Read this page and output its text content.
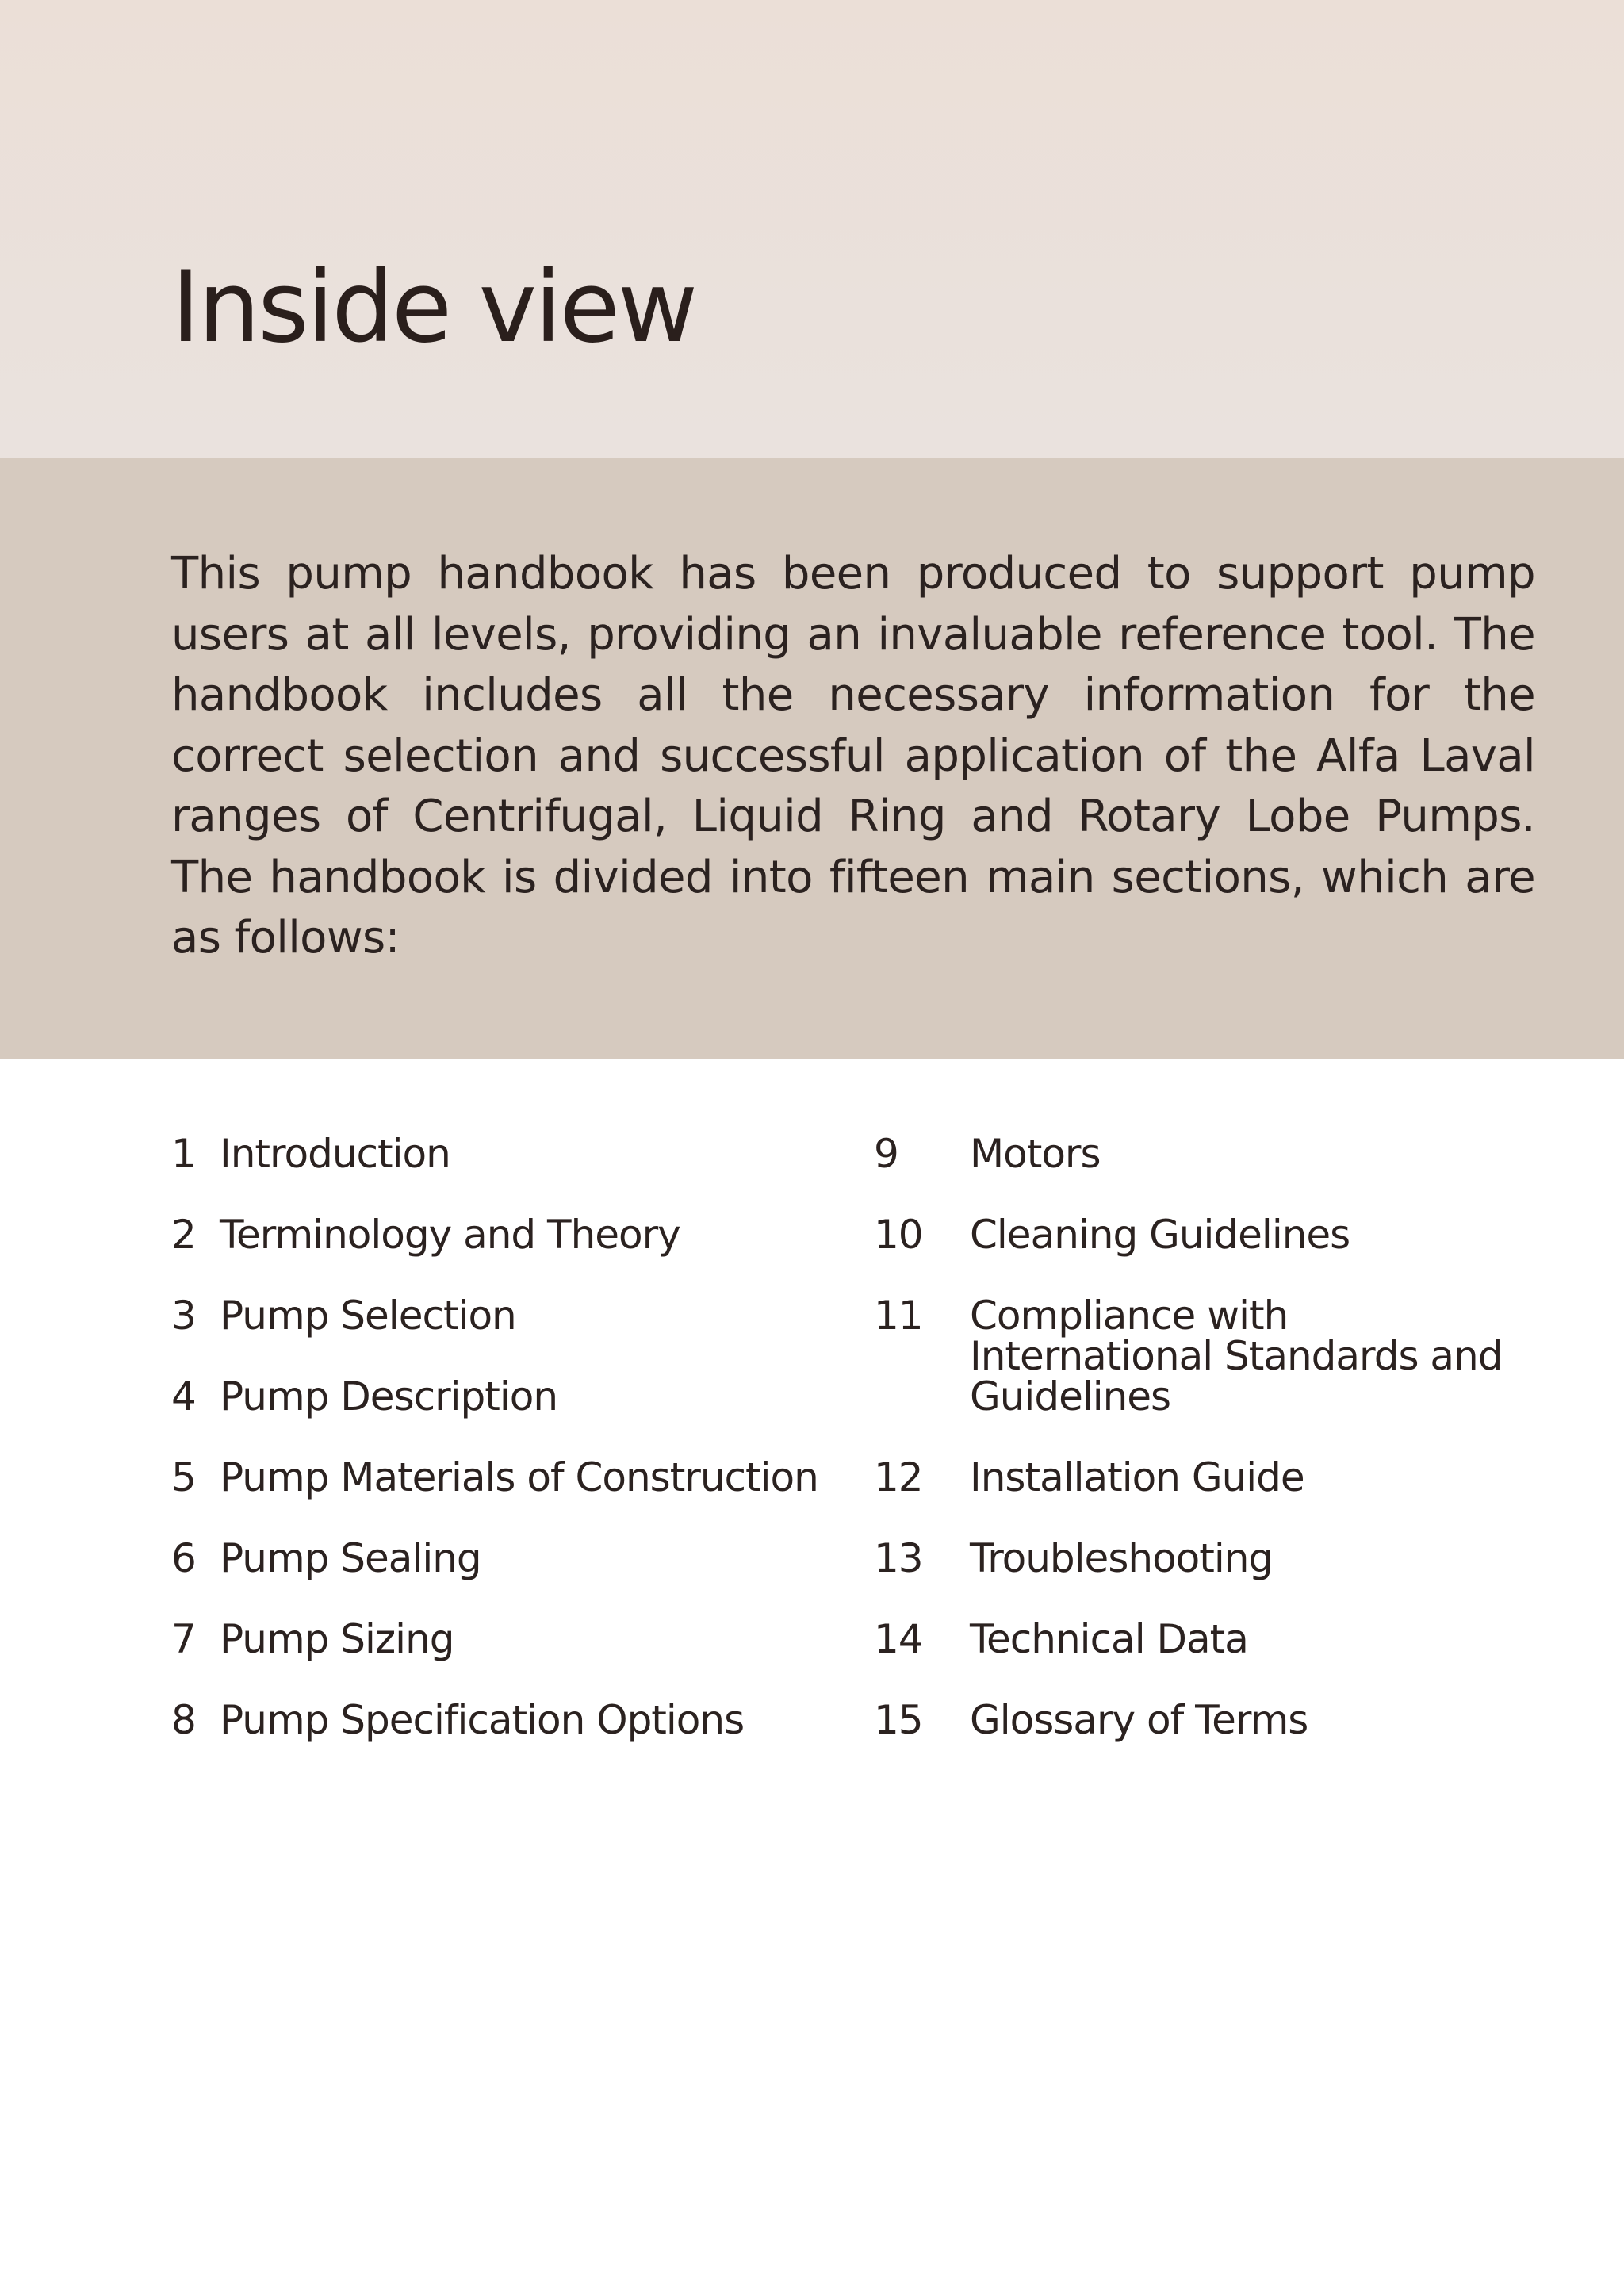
Inside view

This pump handbook has been produced to support pump users at all levels, providing an invaluable reference tool. The handbook includes all the necessary information for the correct selection and successful application of the Alfa Laval ranges of Centrifugal, Liquid Ring and Rotary Lobe Pumps. The handbook is divided into fifteen main sections, which are as follows:

1 Introduction
2 Terminology and Theory
3 Pump Selection
4 Pump Description
5 Pump Materials of Construction
6 Pump Sealing
7 Pump Sizing
8 Pump Specification Options
9	Motors
10	Cleaning Guidelines
11	Compliance with International Standards and Guidelines
12	Installation Guide
13	Troubleshooting
14	Technical Data
15	Glossary of Terms
